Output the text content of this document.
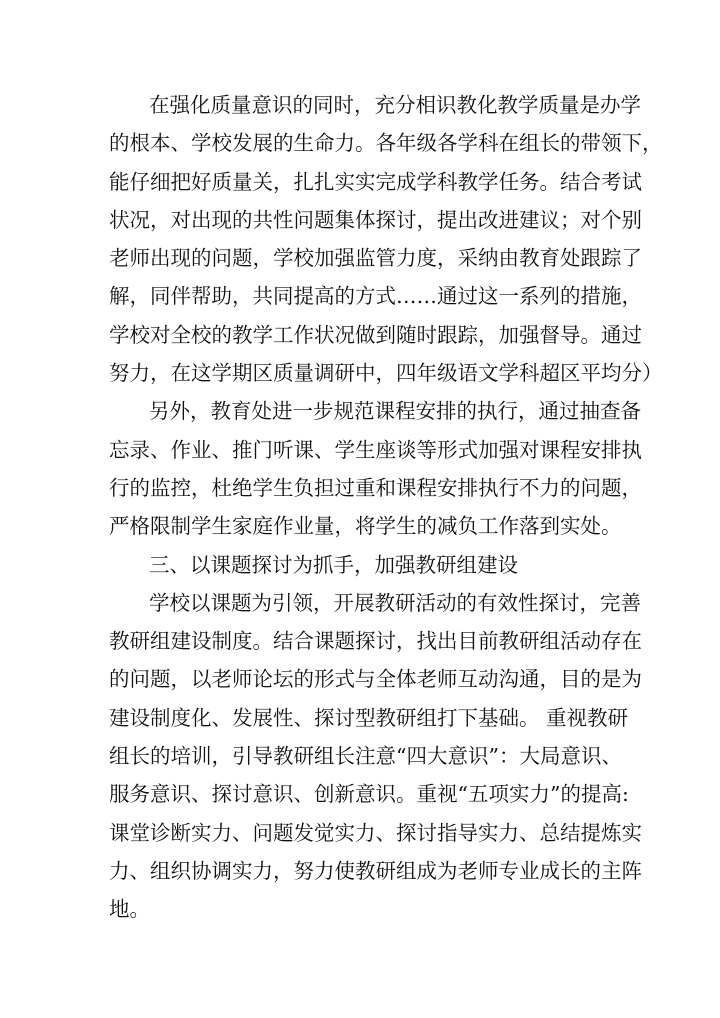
在强化质量意识的同时，充分相识教化教学质量是办学
的根本、学校发展的生命力。各年级各学科在组长的带领下，
能仔细把好质量关，扎扎实实完成学科教学任务。结合考试
状况，对出现的共性问题集体探讨，提出改进建议；对个别
老师出现的问题，学校加强监管力度，采纳由教育处跟踪了
解，同伴帮助，共同提高的方式……通过这一系列的措施，
学校对全校的教学工作状况做到随时跟踪，加强督导。通过
努力，在这学期区质量调研中，四年级语文学科超区平均分）
另外，教育处进一步规范课程安排的执行，通过抽查备
忘录、作业、推门听课、学生座谈等形式加强对课程安排执
行的监控，杜绝学生负担过重和课程安排执行不力的问题，
严格限制学生家庭作业量，将学生的减负工作落到实处。
三、以课题探讨为抓手，加强教研组建设
学校以课题为引领，开展教研活动的有效性探讨，完善
教研组建设制度。结合课题探讨，找出目前教研组活动存在
的问题，以老师论坛的形式与全体老师互动沟通，目的是为
建设制度化、发展性、探讨型教研组打下基础。 重视教研
组长的培训，引导教研组长注意“四大意识”：大局意识、
服务意识、探讨意识、创新意识。重视“五项实力”的提高:
课堂诊断实力、问题发觉实力、探讨指导实力、总结提炼实
力、组织协调实力，努力使教研组成为老师专业成长的主阵
地。
